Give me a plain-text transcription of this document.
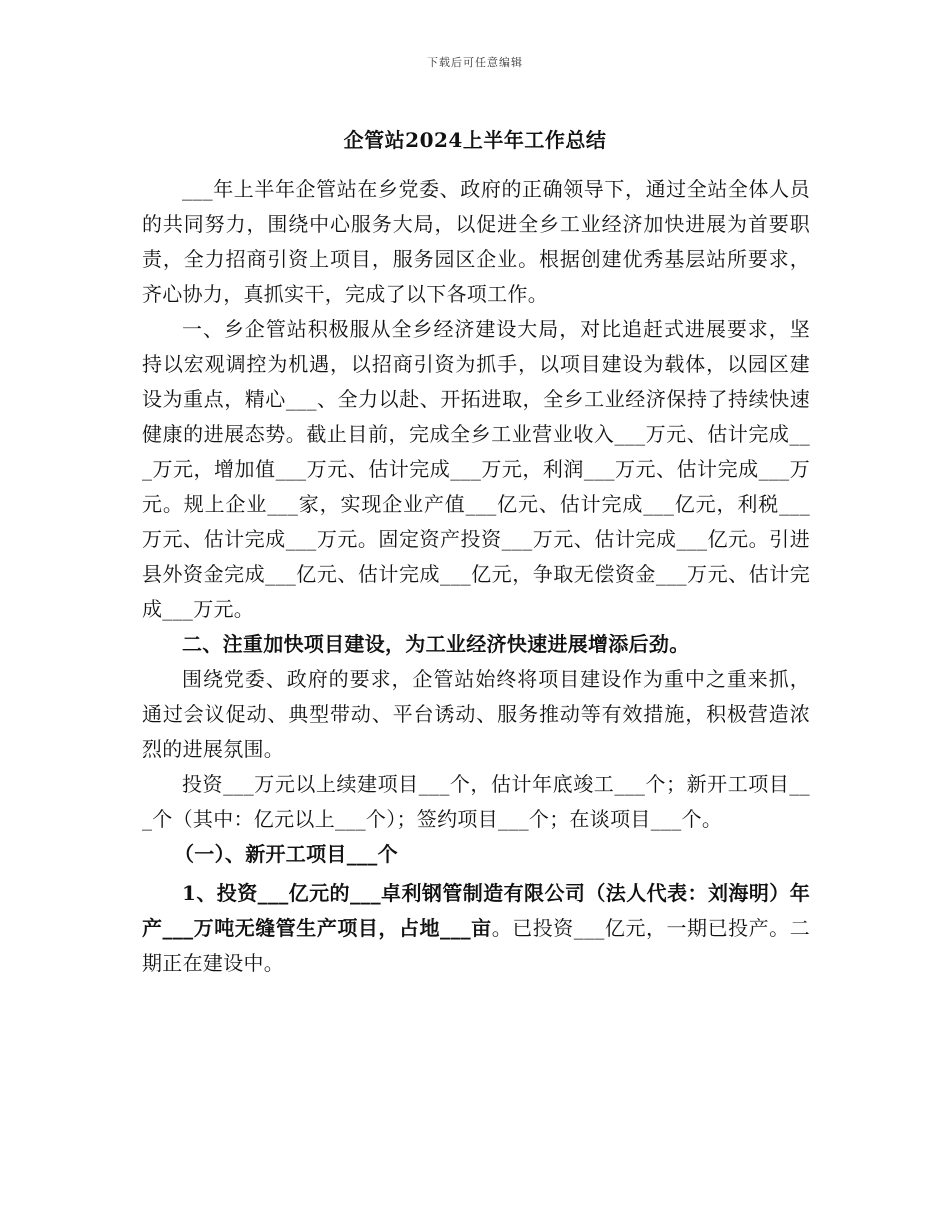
下载后可任意编辑
企管站2024上半年工作总结

___年上半年企管站在乡党委、政府的正确领导下，通过全站全体人员的共同努力，围绕中心服务大局，以促进全乡工业经济加快进展为首要职责，全力招商引资上项目，服务园区企业。根据创建优秀基层站所要求，齐心协力，真抓实干，完成了以下各项工作。

一、乡企管站积极服从全乡经济建设大局，对比追赶式进展要求，坚持以宏观调控为机遇，以招商引资为抓手，以项目建设为载体，以园区建设为重点，精心___、全力以赴、开拓进取，全乡工业经济保持了持续快速健康的进展态势。截止目前，完成全乡工业营业收入___万元、估计完成___万元，增加值___万元、估计完成___万元，利润___万元、估计完成___万元。规上企业___家，实现企业产值___亿元、估计完成___亿元，利税___万元、估计完成___万元。固定资产投资___万元、估计完成___亿元。引进县外资金完成___亿元、估计完成___亿元，争取无偿资金___万元、估计完成___万元。

二、注重加快项目建设，为工业经济快速进展增添后劲。

围绕党委、政府的要求，企管站始终将项目建设作为重中之重来抓，通过会议促动、典型带动、平台诱动、服务推动等有效措施，积极营造浓烈的进展氛围。

投资___万元以上续建项目___个，估计年底竣工___个；新开工项目___个（其中：亿元以上___个）；签约项目___个；在谈项目___个。

（一）、新开工项目___个

1、投资___亿元的___卓利钢管制造有限公司（法人代表：刘海明）年产___万吨无缝管生产项目，占地___亩。已投资___亿元，一期已投产。二期正在建设中。
